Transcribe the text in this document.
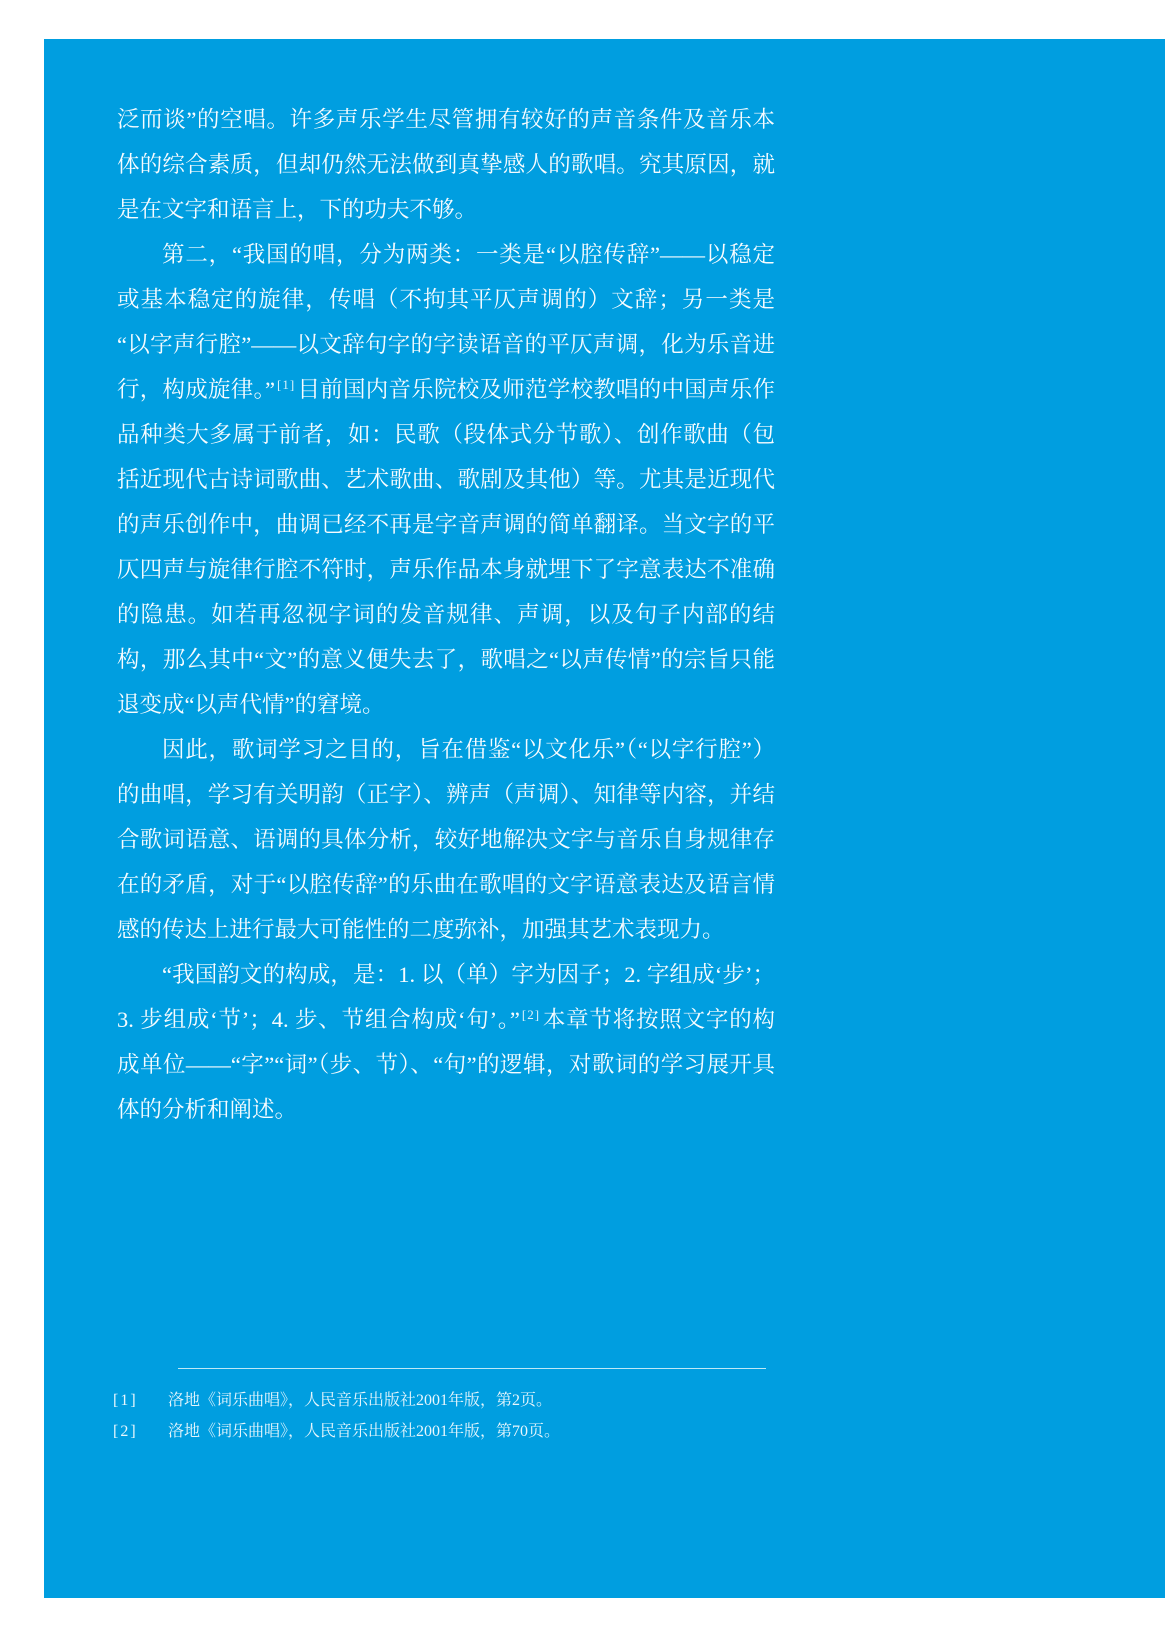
泛而谈”的空唱。许多声乐学生尽管拥有较好的声音条件及音乐本体的综合素质，但却仍然无法做到真挚感人的歌唱。究其原因，就是在文字和语言上，下的功夫不够。

第二，“我国的唱，分为两类：一类是“以腔传辞”——以稳定或基本稳定的旋律，传唱（不拘其平仄声调的）文辞；另一类是“以字声行腔”——以文辞句字的字读语音的平仄声调，化为乐音进行，构成旋律。” [1]目前国内音乐院校及师范学校教唱的中国声乐作品种类大多属于前者，如：民歌（段体式分节歌）、创作歌曲（包括近现代古诗词歌曲、艺术歌曲、歌剧及其他）等。尤其是近现代的声乐创作中，曲调已经不再是字音声调的简单翻译。当文字的平仄四声与旋律行腔不符时，声乐作品本身就埋下了字意表达不准确的隐患。如若再忽视字词的发音规律、声调，以及句子内部的结构，那么其中“文”的意义便失去了，歌唱之“以声传情”的宗旨只能退变成“以声代情”的窘境。

因此，歌词学习之目的，旨在借鉴“以文化乐”（“以字行腔”）的曲唱，学习有关明韵（正字）、辨声（声调）、知律等内容，并结合歌词语意、语调的具体分析，较好地解决文字与音乐自身规律存在的矛盾，对于“以腔传辞”的乐曲在歌唱的文字语意表达及语言情感的传达上进行最大可能性的二度弥补，加强其艺术表现力。

“我国韵文的构成，是：1. 以（单）字为因子；2. 字组成‘步’；3. 步组成‘节’；4. 步、节组合构成‘句’。” [2]本章节将按照文字的构成单位——“字”“词”（步、节）、“句”的逻辑，对歌词的学习展开具体的分析和阐述。

[1]	洛地《词乐曲唱》，人民音乐出版社2001年版，第2页。
[2]	洛地《词乐曲唱》，人民音乐出版社2001年版，第70页。
